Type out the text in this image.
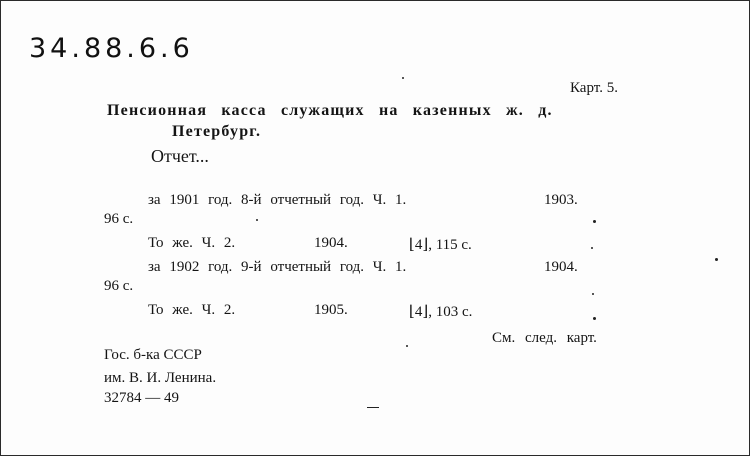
34.88.6.6
Карт. 5.
Пенсионная касса служащих на казенных ж. д.
Петербург.
Отчет...
за 1901 год. 8-й отчетный год. Ч. 1.	1903.
96 с.
То же. Ч. 2.	1904.	⌊4⌋, 115 с.
за 1902 год. 9-й отчетный год. Ч. 1.	1904.
96 с.
То же. Ч. 2.	1905.	⌊4⌋, 103 с.
См. след. карт.
Гос. б-ка СССР
им. В. И. Ленина.
32784 — 49
